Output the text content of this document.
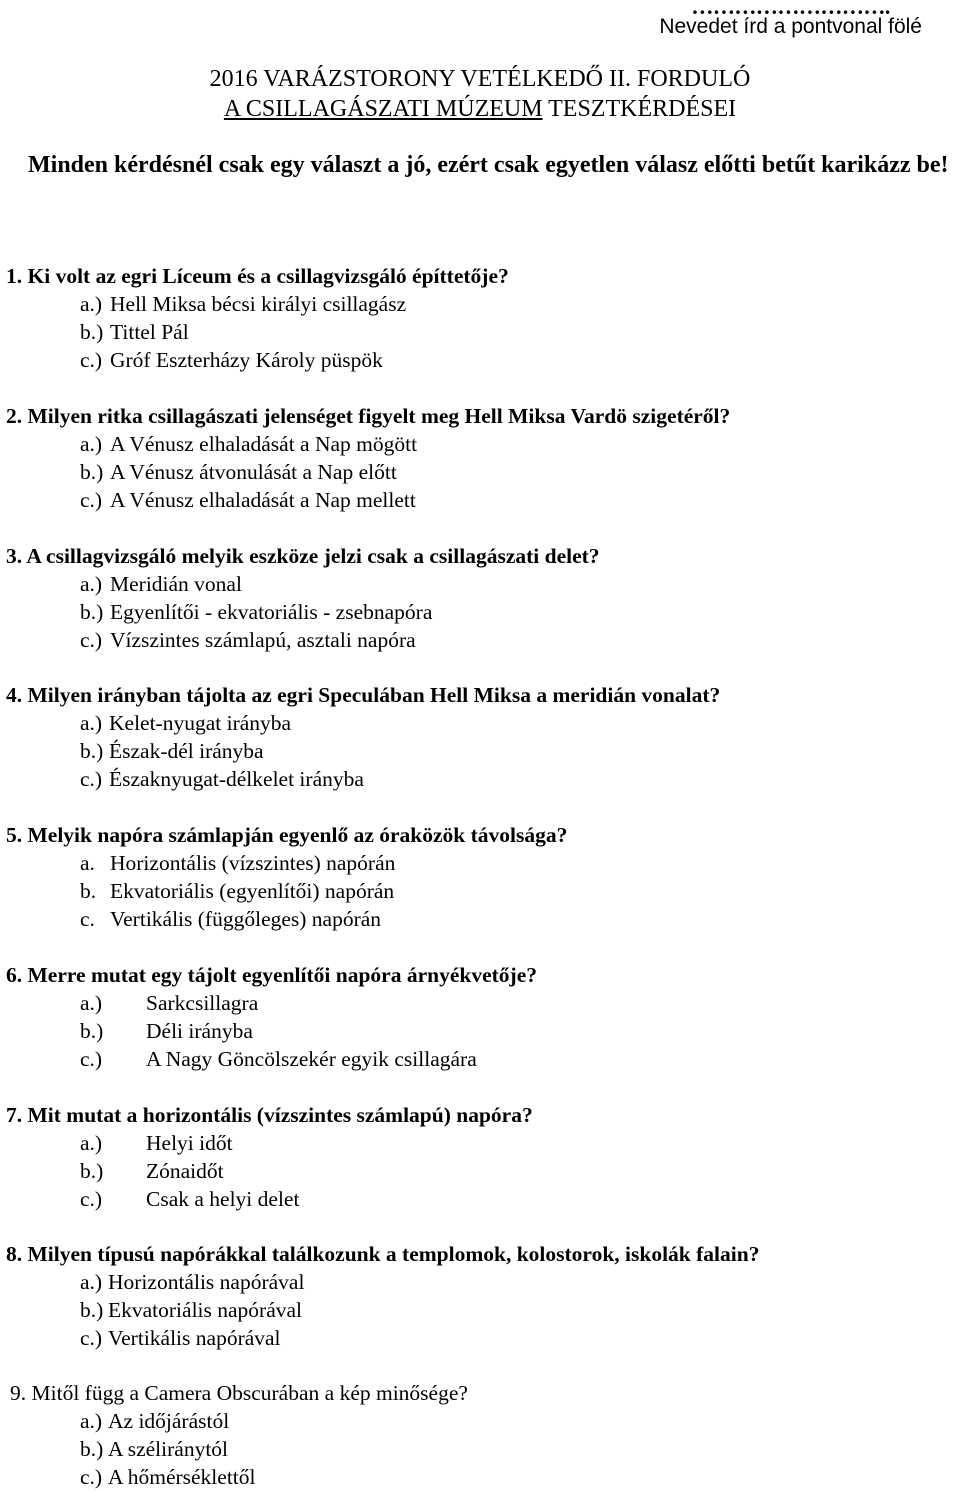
……………………….
Nevedet írd a pontvonal fölé
2016 VARÁZSTORONY VETÉLKEDŐ II. FORDULÓ
A CSILLAGÁSZATI MÚZEUM TESZTKÉRDÉSEI
Minden kérdésnél csak egy választ a jó, ezért csak egyetlen válasz előtti betűt karikázz be!
1. Ki volt az egri Líceum és a csillagvizsgáló építtetője?
a.) Hell Miksa bécsi királyi csillagász
b.) Tittel Pál
c.) Gróf Eszterházy Károly püspök
2. Milyen ritka csillagászati jelenséget figyelt meg Hell Miksa Vardö szigetéről?
a.) A Vénusz elhaladását a Nap mögött
b.) A Vénusz átvonulását a Nap előtt
c.) A Vénusz elhaladását a Nap mellett
3. A csillagvizsgáló melyik eszköze jelzi csak a csillagászati delet?
a.) Meridián vonal
b.) Egyenlítői - ekvatoriális - zsebnapóra
c.) Vízszintes számlapú, asztali napóra
4. Milyen irányban tájolta az egri Speculában Hell Miksa a meridián vonalat?
a.) Kelet-nyugat irányba
b.) Észak-dél irányba
c.) Északnyugat-délkelet irányba
5. Melyik napóra számlapján egyenlő az óraközök távolsága?
a. Horizontális (vízszintes) napórán
b. Ekvatoriális (egyenlítői) napórán
c. Vertikális (függőleges) napórán
6. Merre mutat egy tájolt egyenlítői napóra árnyékvetője?
a.) Sarkcsillagra
b.) Déli irányba
c.) A Nagy Göncölszekér egyik csillagára
7. Mit mutat a horizontális (vízszintes számlapú) napóra?
a.) Helyi időt
b.) Zónaidőt
c.) Csak a helyi delet
8. Milyen típusú napórákkal találkozunk a templomok, kolostorok, iskolák falain?
a.) Horizontális napórával
b.) Ekvatoriális napórával
c.) Vertikális napórával
9. Mitől függ a Camera Obscurában a kép minősége?
a.) Az időjárástól
b.) A széliránytól
c.) A hőmérséklettől
